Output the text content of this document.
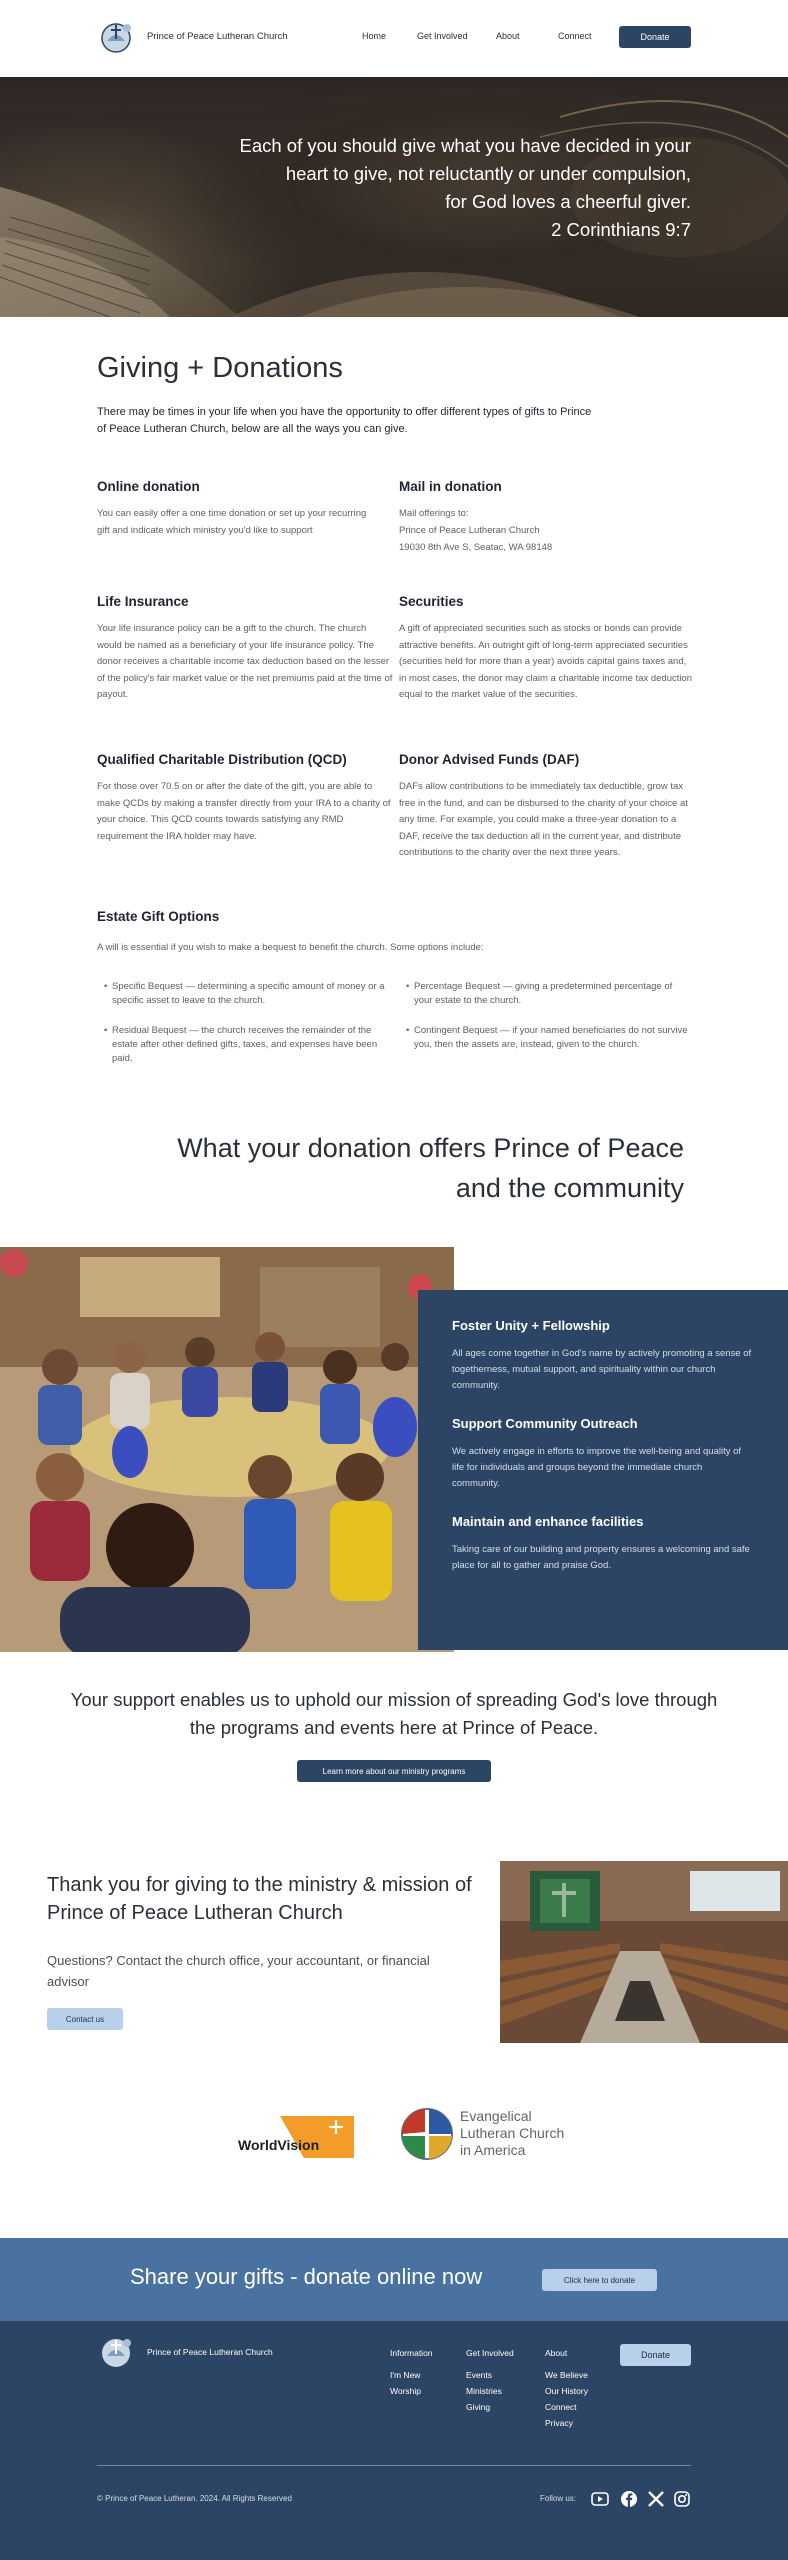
Prince of Peace Lutheran Church	Home	Get Involved	About	Connect	Donate
Each of you should give what you have decided in your
heart to give, not reluctantly or under compulsion,
for God loves a cheerful giver.
2 Corinthians 9:7
Giving + Donations
There may be times in your life when you have the opportunity to offer different types of gifts to Prince of Peace Lutheran Church, below are all the ways you can give.
Online donation
You can easily offer a one time donation or set up your recurring gift and indicate which ministry you'd like to support
Mail in donation
Mail offerings to:
Prince of Peace Lutheran Church
19030 8th Ave S, Seatac, WA 98148
Life Insurance
Your life insurance policy can be a gift to the church. The church would be named as a beneficiary of your life insurance policy. The donor receives a charitable income tax deduction based on the lesser of the policy's fair market value or the net premiums paid at the time of payout.
Securities
A gift of appreciated securities such as stocks or bonds can provide attractive benefits. An outright gift of long-term appreciated securities (securities held for more than a year) avoids capital gains taxes and, in most cases, the donor may claim a charitable income tax deduction equal to the market value of the securities.
Qualified Charitable Distribution (QCD)
For those over 70.5 on or after the date of the gift, you are able to make QCDs by making a transfer directly from your IRA to a charity of your choice. This QCD counts towards satisfying any RMD requirement the IRA holder may have.
Donor Advised Funds (DAF)
DAFs allow contributions to be immediately tax deductible, grow tax free in the fund, and can be disbursed to the charity of your choice at any time. For example, you could make a three-year donation to a DAF, receive the tax deduction all in the current year, and distribute contributions to the charity over the next three years.
Estate Gift Options
A will is essential if you wish to make a bequest to benefit the church. Some options include:
• Specific Bequest — determining a specific amount of money or a specific asset to leave to the church.
• Percentage Bequest — giving a predetermined percentage of your estate to the church.
• Residual Bequest — the church receives the remainder of the estate after other defined gifts, taxes, and expenses have been paid.
• Contingent Bequest — if your named beneficiaries do not survive you, then the assets are, instead, given to the church.
What your donation offers Prince of Peace
and the community
Foster Unity + Fellowship
All ages come together in God's name by actively promoting a sense of togetherness, mutual support, and spirituality within our church community.
Support Community Outreach
We actively engage in efforts to improve the well-being and quality of life for individuals and groups beyond the immediate church community.
Maintain and enhance facilities
Taking care of our building and property ensures a welcoming and safe place for all to gather and praise God.
Your support enables us to uphold our mission of spreading God's love through the programs and events here at Prince of Peace.
Learn more about our ministry programs
Thank you for giving to the ministry & mission of Prince of Peace Lutheran Church
Questions? Contact the church office, your accountant, or financial advisor
Contact us
WorldVision
Evangelical
Lutheran Church
in America
Share your gifts - donate online now	Click here to donate
Prince of Peace Lutheran Church	Information
I'm New
Worship
Get Involved
Events
Ministries
Giving
About
We Believe
Our History
Connect
Privacy
Donate
© Prince of Peace Lutheran. 2024. All Rights Reserved	Follow us:
